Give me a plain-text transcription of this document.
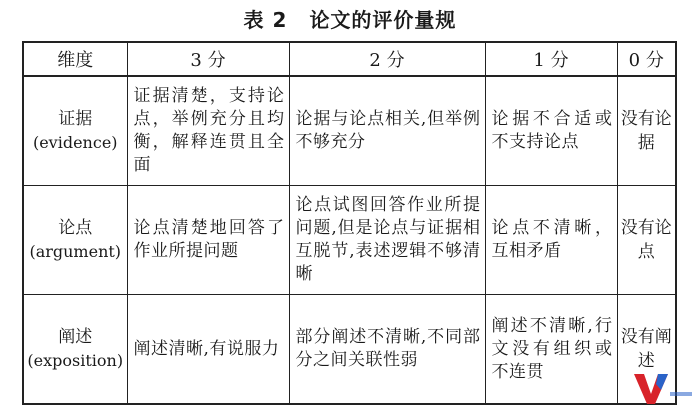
表 2 论文的评价量规
维度	3 分	2 分	1 分	0 分

证据
(evidence)	证据清楚，支持论点，举例充分且均衡，解释连贯且全面	论据与论点相关,但举例不够充分	论据不合适或不支持论点	没有论据

论点
(argument)	论点清楚地回答了作业所提问题	论点试图回答作业所提问题,但是论点与证据相互脱节,表述逻辑不够清晰	论点不清晰，互相矛盾	没有论点

阐述
(exposition)	阐述清晰,有说服力	部分阐述不清晰,不同部分之间关联性弱	阐述不清晰,行文没有组织或不连贯	没有阐述
